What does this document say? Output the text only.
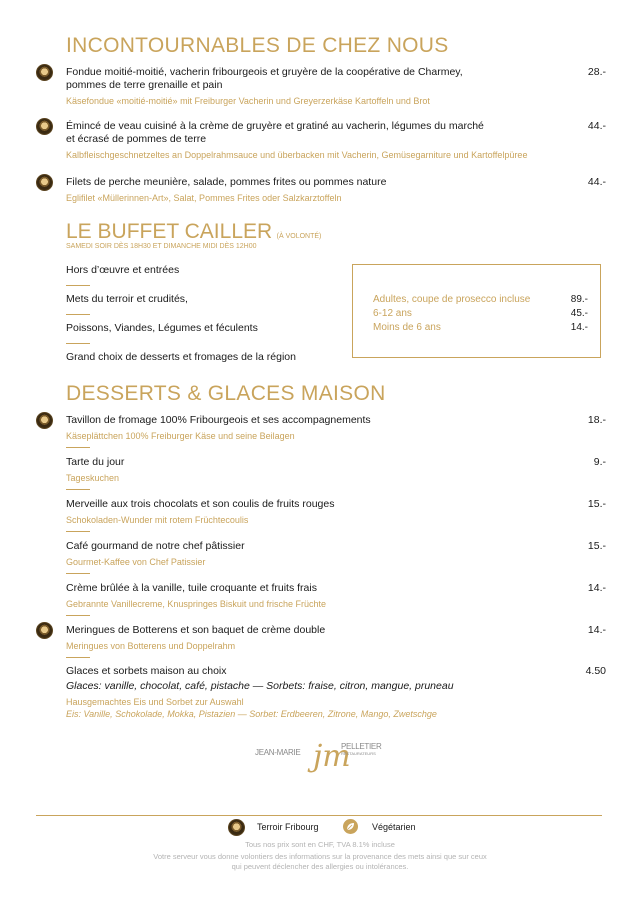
INCONTOURNABLES DE CHEZ NOUS
Fondue moitié-moitié, vacherin fribourgeois et gruyère de la coopérative de Charmey,
pommes de terre grenaille et pain
Käsefondue «moitié-moitié» mit Freiburger Vacherin und Greyerzerkäse Kartoffeln und Brot
28.-
Émincé de veau cuisiné à la crème de gruyère et gratiné au vacherin, légumes du marché
et écrasé de pommes de terre
Kalbfleischgeschnetzeltes an Doppelrahmsauce und überbacken mit Vacherin, Gemüsegarniture und Kartoffelpüree
44.-
Filets de perche meunière, salade, pommes frites ou pommes nature
Eglifilet «Müllerinnen-Art», Salat, Pommes Frites oder Salzkarztoffeln
44.-
LE BUFFET CAILLER (À VOLONTÉ)
SAMEDI SOIR DÈS 18H30 ET DIMANCHE MIDI DÈS 12H00
Hors d’œuvre et entrées
Mets du terroir et crudités,
Poissons, Viandes, Légumes et féculents
Grand choix de desserts et fromages de la région
Adultes, coupe de prosecco incluse	89.-
6-12 ans	45.-
Moins de 6 ans	14.-
DESSERTS & GLACES MAISON
Tavillon de fromage 100% Fribourgeois et ses accompagnements
Käseplättchen 100% Freiburger Käse und seine Beilagen
18.-
Tarte du jour
Tageskuchen
9.-
Merveille aux trois chocolats et son coulis de fruits rouges
Schokoladen-Wunder mit rotem Früchtecoulis
15.-
Café gourmand de notre chef pâtissier
Gourmet-Kaffee von Chef Patissier
15.-
Crème brûlée à la vanille, tuile croquante et fruits frais
Gebrannte Vanillecreme, Knuspringes Biskuit und frische Früchte
14.-
Meringues de Botterens et son baquet de crème double
Meringues von Botterens und Doppelrahm
14.-
Glaces et sorbets maison au choix
Glaces: vanille, chocolat, café, pistache — Sorbets: fraise, citron, mangue, pruneau
Hausgemachtes Eis und Sorbet zur Auswahl
Eis: Vanille, Schokolade, Mokka, Pistazien — Sorbet: Erdbeeren, Zitrone, Mango, Zwetschge
4.50
JEAN-MARIE jm
PELLETIER
RESTAURATEURS
Terroir Fribourg	Végétarien
Tous nos prix sont en CHF, TVA 8.1% incluse
Votre serveur vous donne volontiers des informations sur la provenance des mets ainsi que sur ceux
qui peuvent déclencher des allergies ou intolérances.
